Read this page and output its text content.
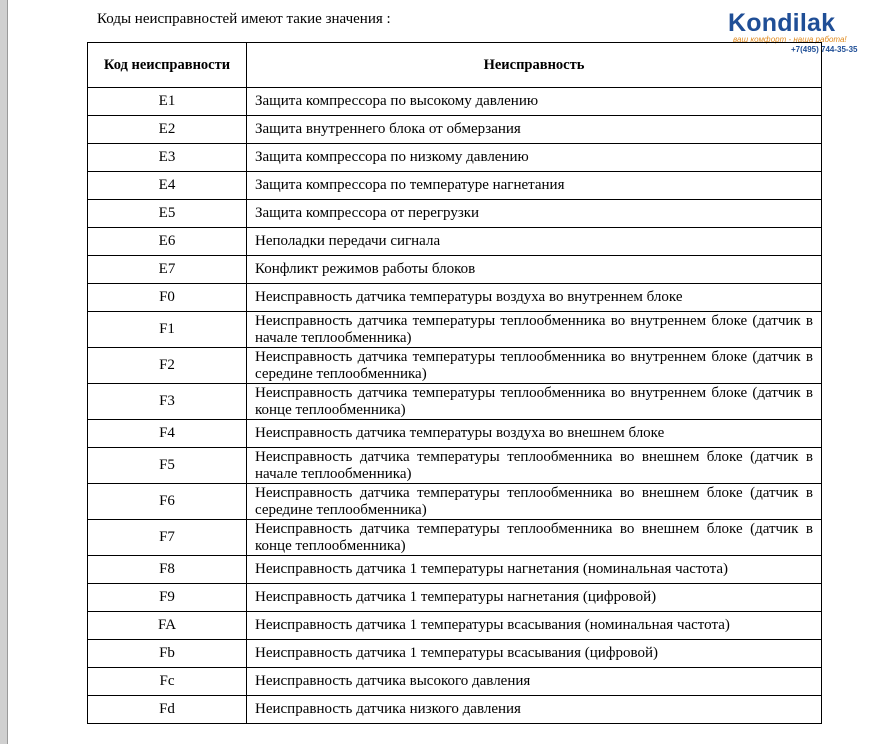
Коды неисправностей имеют такие значения :	Kondilak
ваш комфорт - наша работа!
+7(495) 744-35-35
Код неисправности	Неисправность
E1	Защита компрессора по высокому давлению
E2	Защита внутреннего блока от обмерзания
E3	Защита компрессора по низкому давлению
E4	Защита компрессора по температуре нагнетания
E5	Защита компрессора от перегрузки
E6	Неполадки передачи сигнала
E7	Конфликт режимов работы блоков
F0	Неисправность датчика температуры воздуха во внутреннем блоке
F1	Неисправность датчика температуры теплообменника во внутреннем блоке (датчик в начале теплообменника)
F2	Неисправность датчика температуры теплообменника во внутреннем блоке (датчик в середине теплообменника)
F3	Неисправность датчика температуры теплообменника во внутреннем блоке (датчик в конце теплообменника)
F4	Неисправность датчика температуры воздуха во внешнем блоке
F5	Неисправность датчика температуры теплообменника во внешнем блоке (датчик в начале теплообменника)
F6	Неисправность датчика температуры теплообменника во внешнем блоке (датчик в середине теплообменника)
F7	Неисправность датчика температуры теплообменника во внешнем блоке (датчик в конце теплообменника)
F8	Неисправность датчика 1 температуры нагнетания (номинальная частота)
F9	Неисправность датчика 1 температуры нагнетания (цифровой)
FA	Неисправность датчика 1 температуры всасывания (номинальная частота)
Fb	Неисправность датчика 1 температуры всасывания (цифровой)
Fc	Неисправность датчика высокого давления
Fd	Неисправность датчика низкого давления
